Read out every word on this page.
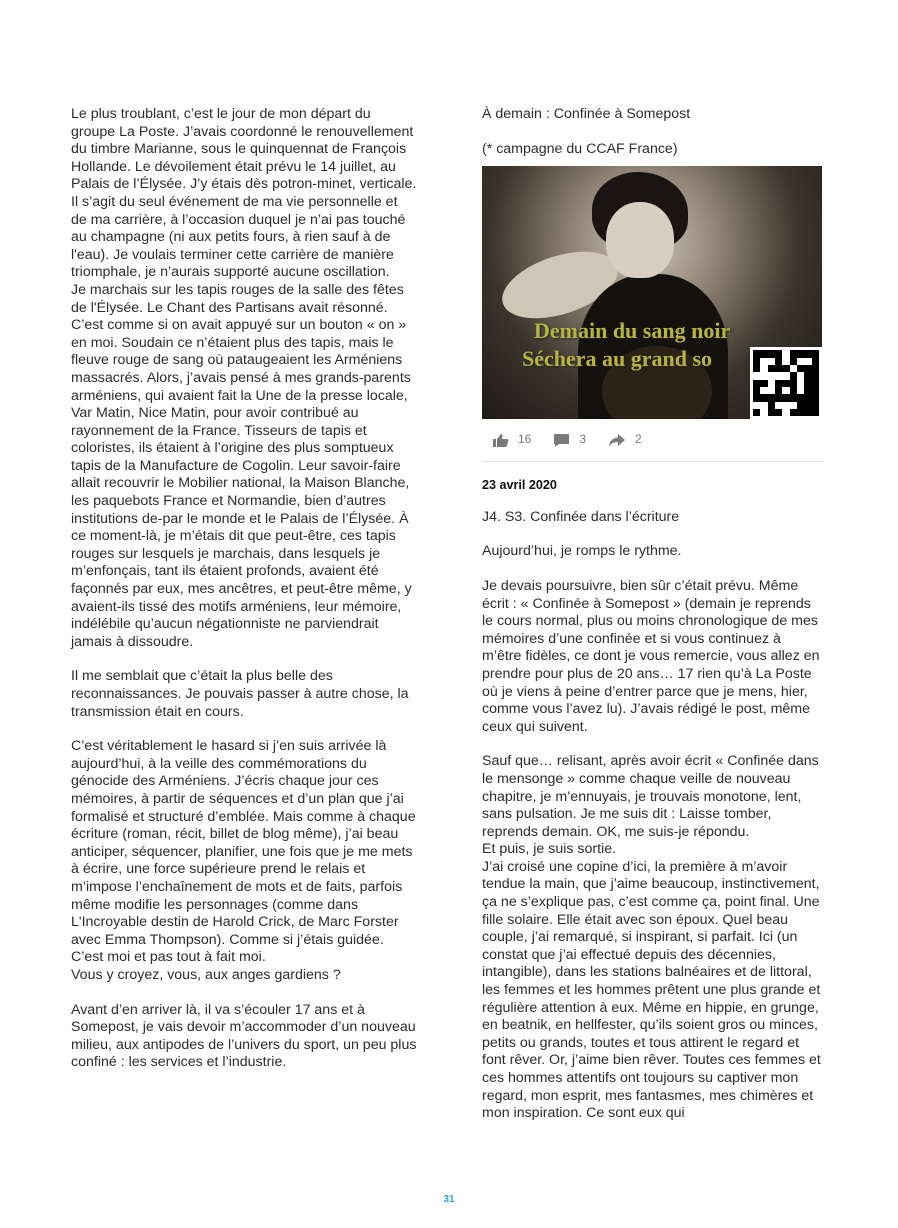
Le plus troublant, c’est le jour de mon départ du groupe La Poste. J’avais coordonné le renouvellement du timbre Marianne, sous le quinquennat de François Hollande. Le dévoilement était prévu le 14 juillet, au Palais de l’Élysée. J’y étais dès potron-minet, verticale. Il s’agit du seul événement de ma vie personnelle et de ma carrière, à l’occasion duquel je n’ai pas touché au champagne (ni aux petits fours, à rien sauf à de l'eau). Je voulais terminer cette carrière de manière triomphale, je n’aurais supporté aucune oscillation.

Je marchais sur les tapis rouges de la salle des fêtes de l'Élysée. Le Chant des Partisans avait résonné. C’est comme si on avait appuyé sur un bouton « on » en moi. Soudain ce n’étaient plus des tapis, mais le fleuve rouge de sang où pataugeaient les Arméniens massacrés. Alors, j’avais pensé à mes grands-parents arméniens, qui avaient fait la Une de la presse locale, Var Matin, Nice Matin, pour avoir contribué au rayonnement de la France. Tisseurs de tapis et coloristes, ils étaient à l’origine des plus somptueux tapis de la Manufacture de Cogolin. Leur savoir-faire allait recouvrir le Mobilier national, la Maison Blanche, les paquebots France et Normandie, bien d’autres institutions de-par le monde et le Palais de l’Élysée. À ce moment-là, je m’étais dit que peut-être, ces tapis rouges sur lesquels je marchais, dans lesquels je m’enfonçais, tant ils étaient profonds, avaient été façonnés par eux, mes ancêtres, et peut-être même, y avaient-ils tissé des motifs arméniens, leur mémoire, indélébile qu’aucun négationniste ne parviendrait jamais à dissoudre.

Il me semblait que c’était la plus belle des reconnaissances. Je pouvais passer à autre chose, la transmission était en cours.

C’est véritablement le hasard si j’en suis arrivée là aujourd’hui, à la veille des commémorations du génocide des Arméniens. J’écris chaque jour ces mémoires, à partir de séquences et d’un plan que j’ai formalisé et structuré d’emblée. Mais comme à chaque écriture (roman, récit, billet de blog même), j’ai beau anticiper, séquencer, planifier, une fois que je me mets à écrire, une force supérieure prend le relais et m’impose l’enchaînement de mots et de faits, parfois même modifie les personnages (comme dans L'Incroyable destin de Harold Crick, de Marc Forster avec Emma Thompson). Comme si j’étais guidée. C’est moi et pas tout à fait moi.

Vous y croyez, vous, aux anges gardiens ?

Avant d’en arriver là, il va s’écouler 17 ans et à Somepost, je vais devoir m’accommoder d’un nouveau milieu, aux antipodes de l’univers du sport, un peu plus confiné : les services et l’industrie.

À demain : Confinée à Somepost

(* campagne du CCAF France)

Demain du sang noir
Séchera au grand so
16	3	2
23 avril 2020

J4. S3. Confinée dans l’écriture

Aujourd’hui, je romps le rythme.

Je devais poursuivre, bien sûr c’était prévu. Même écrit : « Confinée à Somepost » (demain je reprends le cours normal, plus ou moins chronologique de mes mémoires d’une confinée et si vous continuez à m’être fidèles, ce dont je vous remercie, vous allez en prendre pour plus de 20 ans… 17 rien qu’à La Poste où je viens à peine d’entrer parce que je mens, hier, comme vous l’avez lu). J’avais rédigé le post, même ceux qui suivent.

Sauf que… relisant, après avoir écrit « Confinée dans le mensonge » comme chaque veille de nouveau chapitre, je m’ennuyais, je trouvais monotone, lent, sans pulsation. Je me suis dit : Laisse tomber, reprends demain. OK, me suis-je répondu.

Et puis, je suis sortie.

J’ai croisé une copine d’ici, la première à m’avoir tendue la main, que j’aime beaucoup, instinctivement, ça ne s’explique pas, c’est comme ça, point final. Une fille solaire. Elle était avec son époux. Quel beau couple, j’ai remarqué, si inspirant, si parfait. Ici (un constat que j’ai effectué depuis des décennies, intangible), dans les stations balnéaires et de littoral, les femmes et les hommes prêtent une plus grande et régulière attention à eux. Même en hippie, en grunge, en beatnik, en hellfester, qu’ils soient gros ou minces, petits ou grands, toutes et tous attirent le regard et font rêver. Or, j’aime bien rêver. Toutes ces femmes et ces hommes attentifs ont toujours su captiver mon regard, mon esprit, mes fantasmes, mes chimères et mon inspiration. Ce sont eux qui

31
